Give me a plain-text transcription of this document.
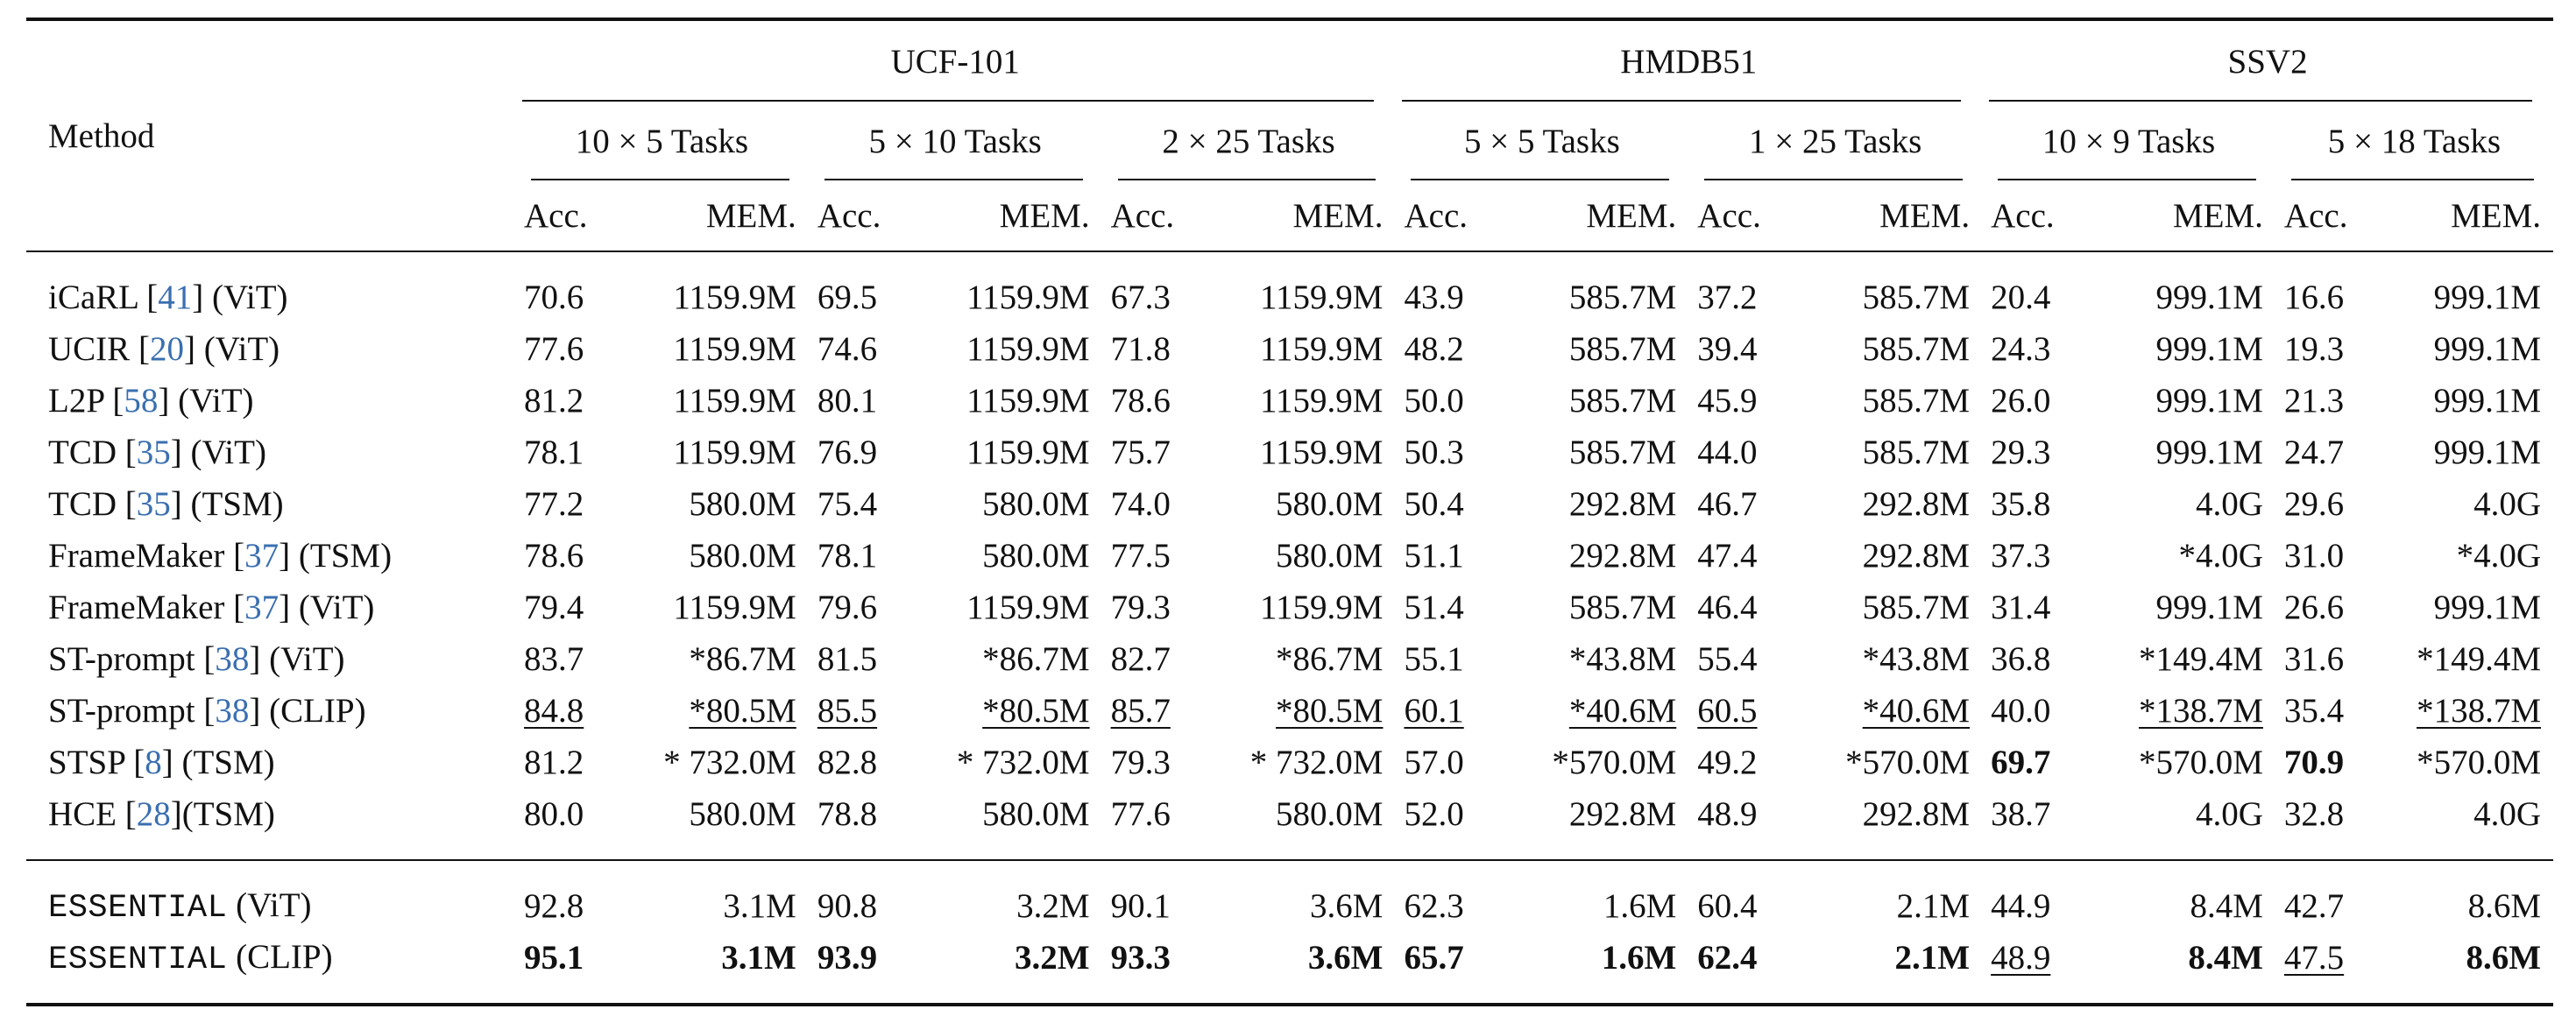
Method	UCF-101						HMDB51				SSV2			

	10 × 5 Tasks		5 × 10 Tasks		2 × 25 Tasks		5 × 5 Tasks		1 × 25 Tasks		10 × 9 Tasks		5 × 18 Tasks	

	Acc.	MEM.	Acc.	MEM.	Acc.	MEM.	Acc.	MEM.	Acc.	MEM.	Acc.	MEM.	Acc.	MEM.
iCaRL [41] (ViT)	70.6	1159.9M	69.5	1159.9M	67.3	1159.9M	43.9	585.7M	37.2	585.7M	20.4	999.1M	16.6	999.1M
UCIR [20] (ViT)	77.6	1159.9M	74.6	1159.9M	71.8	1159.9M	48.2	585.7M	39.4	585.7M	24.3	999.1M	19.3	999.1M
L2P [58] (ViT)	81.2	1159.9M	80.1	1159.9M	78.6	1159.9M	50.0	585.7M	45.9	585.7M	26.0	999.1M	21.3	999.1M
TCD [35] (ViT)	78.1	1159.9M	76.9	1159.9M	75.7	1159.9M	50.3	585.7M	44.0	585.7M	29.3	999.1M	24.7	999.1M
TCD [35] (TSM)	77.2	580.0M	75.4	580.0M	74.0	580.0M	50.4	292.8M	46.7	292.8M	35.8	4.0G	29.6	4.0G
FrameMaker [37] (TSM)	78.6	580.0M	78.1	580.0M	77.5	580.0M	51.1	292.8M	47.4	292.8M	37.3	*4.0G	31.0	*4.0G
FrameMaker [37] (ViT)	79.4	1159.9M	79.6	1159.9M	79.3	1159.9M	51.4	585.7M	46.4	585.7M	31.4	999.1M	26.6	999.1M
ST-prompt [38] (ViT)	83.7	*86.7M	81.5	*86.7M	82.7	*86.7M	55.1	*43.8M	55.4	*43.8M	36.8	*149.4M	31.6	*149.4M
ST-prompt [38] (CLIP)	84.8	*80.5M	85.5	*80.5M	85.7	*80.5M	60.1	*40.6M	60.5	*40.6M	40.0	*138.7M	35.4	*138.7M
STSP [8] (TSM)	81.2	* 732.0M	82.8	* 732.0M	79.3	* 732.0M	57.0	*570.0M	49.2	*570.0M	69.7	*570.0M	70.9	*570.0M
HCE [28](TSM)	80.0	580.0M	78.8	580.0M	77.6	580.0M	52.0	292.8M	48.9	292.8M	38.7	4.0G	32.8	4.0G
ESSENTIAL (ViT)	92.8	3.1M	90.8	3.2M	90.1	3.6M	62.3	1.6M	60.4	2.1M	44.9	8.4M	42.7	8.6M
ESSENTIAL (CLIP)	95.1	3.1M	93.9	3.2M	93.3	3.6M	65.7	1.6M	62.4	2.1M	48.9	8.4M	47.5	8.6M
